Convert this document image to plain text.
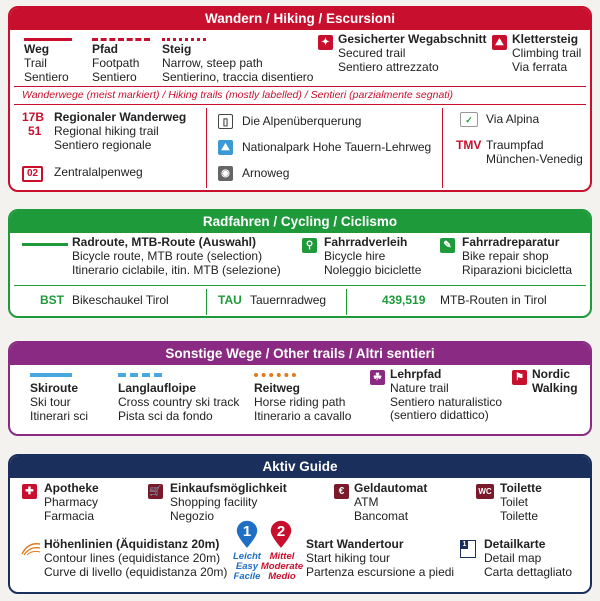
Wandern / Hiking / Escursioni
Weg
Trail
Sentiero
Pfad
Footpath
Sentiero
Steig
Narrow, steep path
Sentierino, traccia disentiero
✦ Gesicherter Wegabschnitt
Secured trail
Sentiero attrezzato
⛰ Klettersteig
Climbing trail
Via ferrata
Wanderwege (meist markiert) / Hiking trails (mostly labelled) / Sentieri (parzialmente segnati)
17B
51
Regionaler Wanderweg
Regional hiking trail
Sentiero regionale
02	Zentralalpenweg
▯	Die Alpenüberquerung
⛰ Nationalpark Hohe Tauern-Lehrweg
◉ Arnoweg
✓	Via Alpina
TMV Traumpfad
München-Venedig
Radfahren / Cycling / Ciclismo
Radroute, MTB-Route (Auswahl)
Bicycle route, MTB route (selection)
Itinerario ciclabile, itin. MTB (selezione)
⚲ Fahrradverleih
Bicycle hire
Noleggio biciclette
✎ Fahrradreparatur
Bike repair shop
Riparazioni bicicletta
BST Bikeschaukel Tirol	TAU Tauernradweg	439,519 MTB-Routen in Tirol
Sonstige Wege / Other trails / Altri sentieri
Skiroute
Ski tour
Itinerari sci
Langlaufloipe
Cross country ski track
Pista sci da fondo
Reitweg
Horse riding path
Itinerario a cavallo
☘ Lehrpfad
Nature trail
Sentiero naturalistico
(sentiero didattico)
⚑ Nordic
Walking
Aktiv Guide
✚ Apotheke
Pharmacy
Farmacia
🛒 Einkaufsmöglichkeit
Shopping facility
Negozio
€ Geldautomat
ATM
Bancomat
WC Toilette
Toilet
Toilette
Höhenlinien (Äquidistanz 20m)
Contour lines (equidistance 20m)
Curve di livello (equidistanza 20m)
1
Leicht
Easy
Facile
2
Mittel
Moderate
Medio
Start Wandertour
Start hiking tour
Partenza escursione a piedi
1 Detailkarte
Detail map
Carta dettagliato
